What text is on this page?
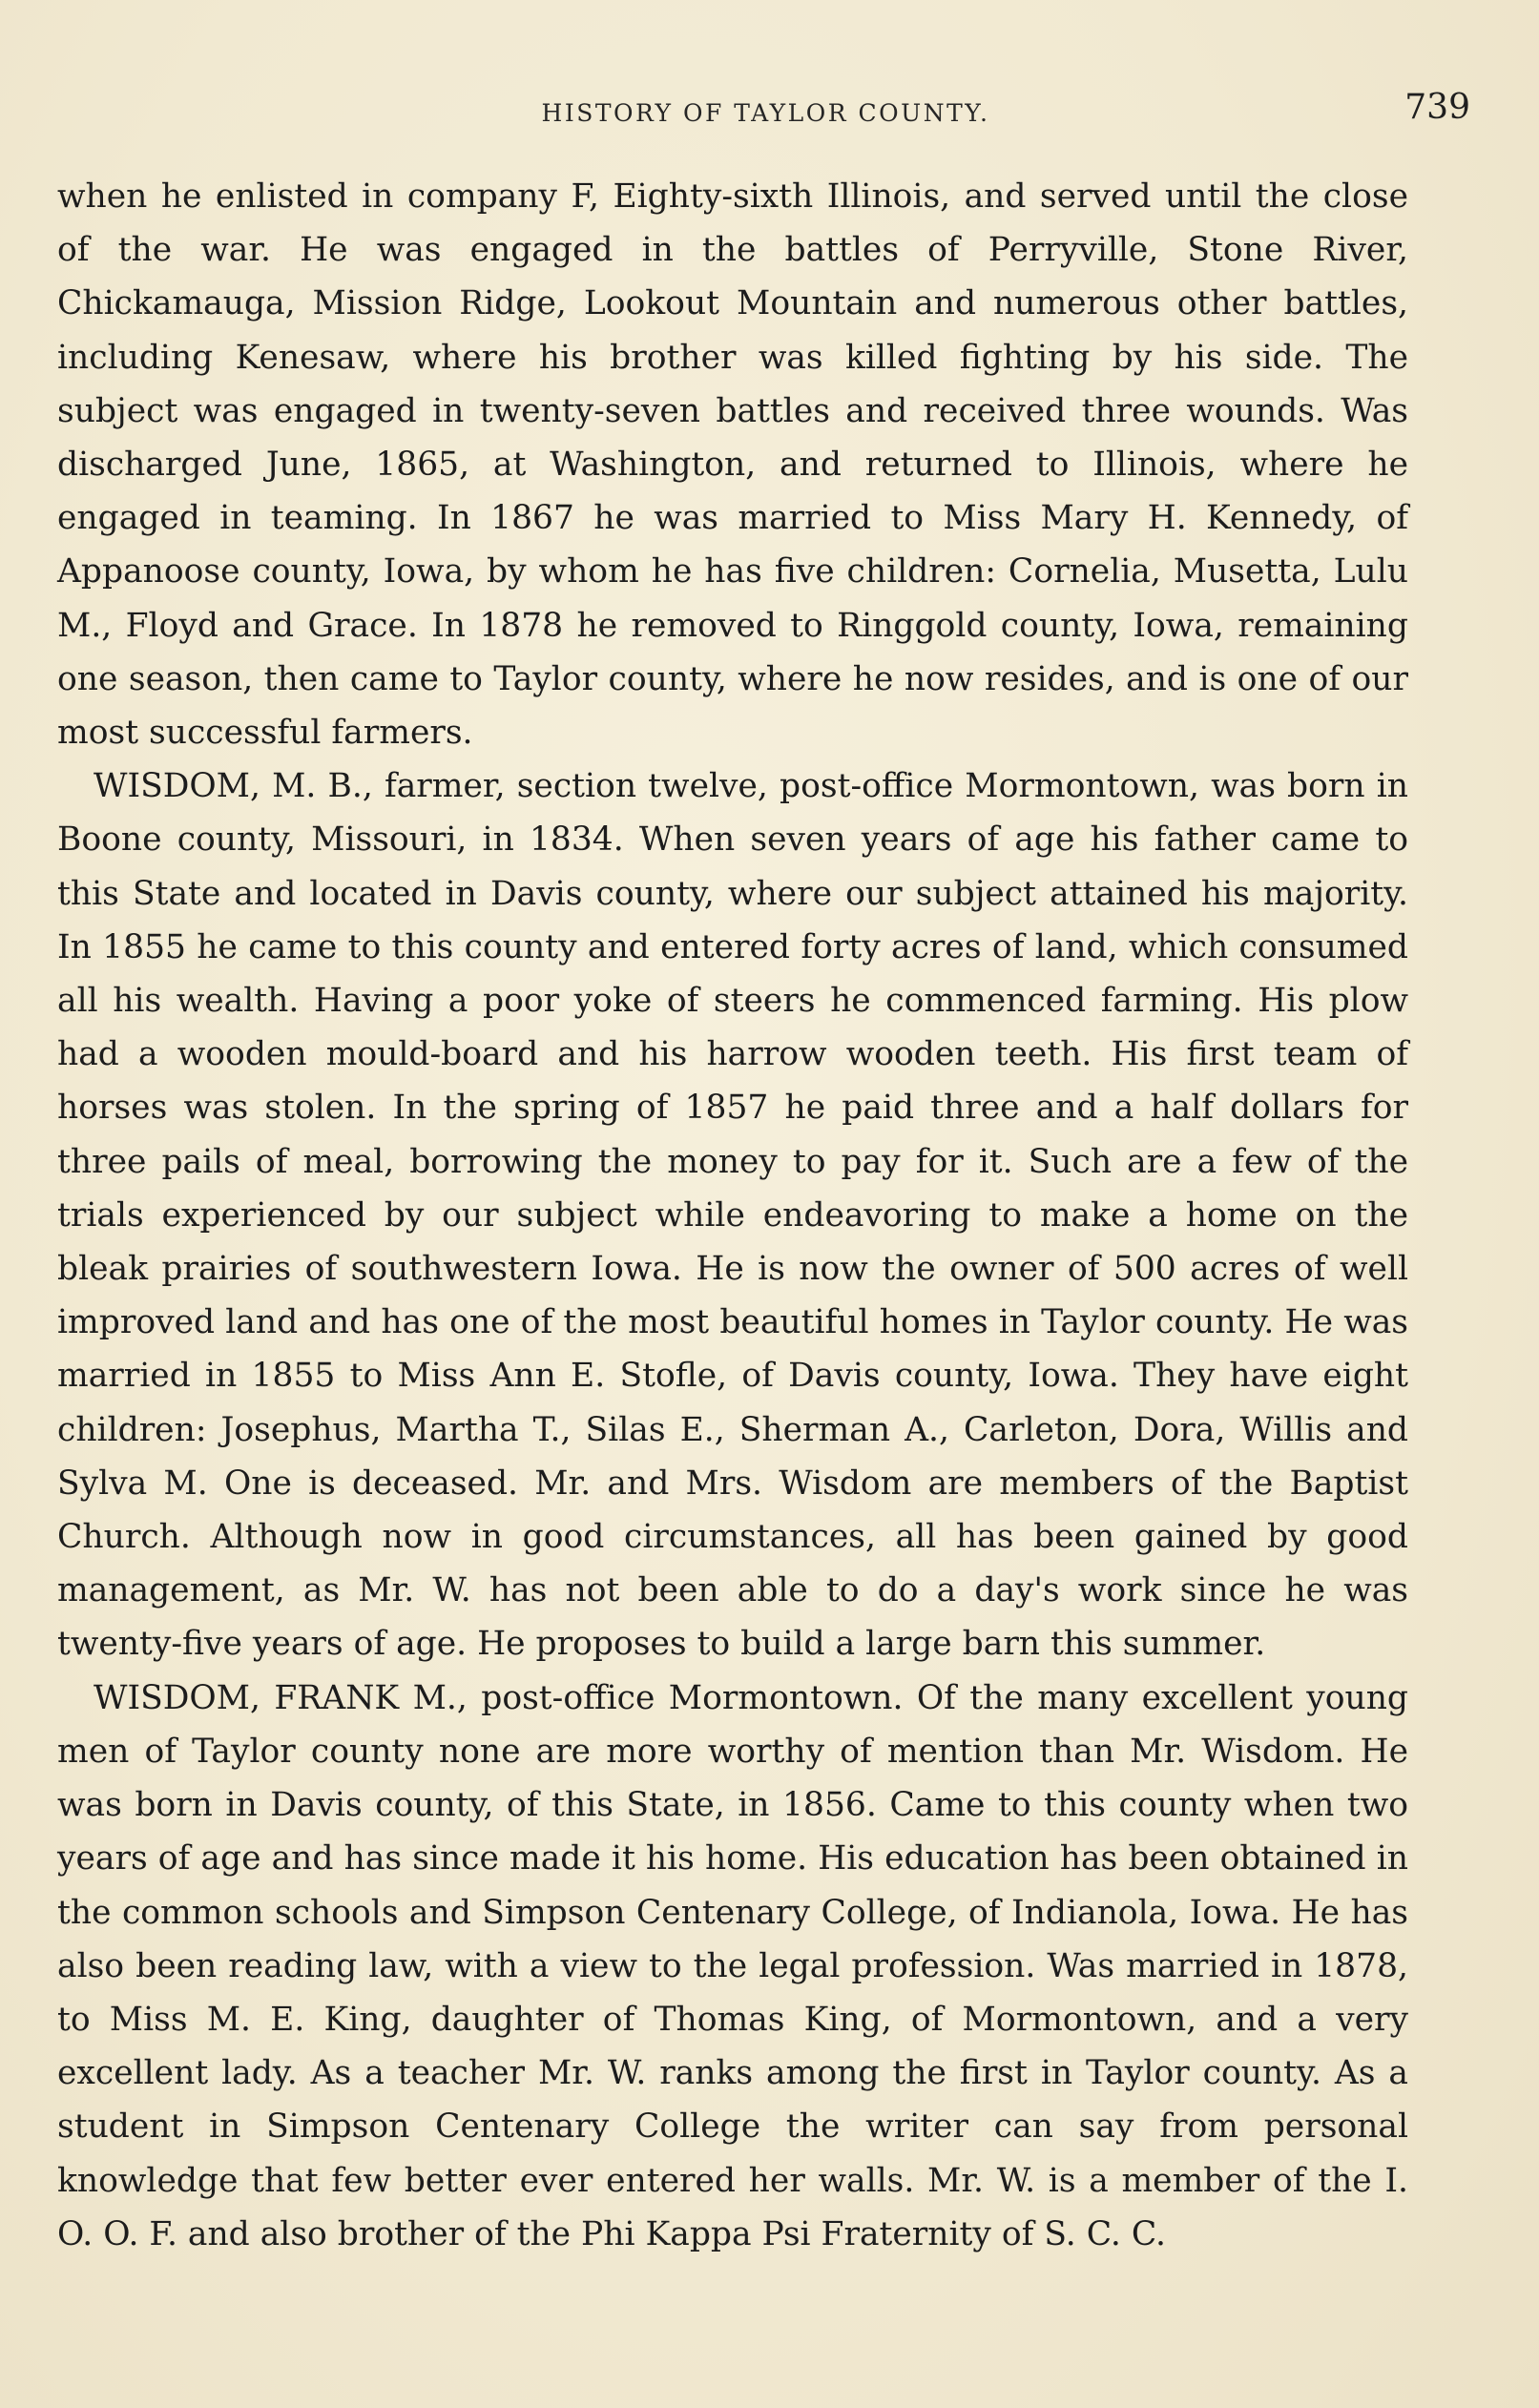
HISTORY OF TAYLOR COUNTY.	739

when he enlisted in company F, Eighty-sixth Illinois, and served until the close of the war. He was engaged in the battles of Perryville, Stone River, Chickamauga, Mission Ridge, Lookout Mountain and numerous other battles, including Kenesaw, where his brother was killed fighting by his side. The subject was engaged in twenty-seven battles and received three wounds. Was discharged June, 1865, at Washington, and returned to Illinois, where he engaged in teaming. In 1867 he was married to Miss Mary H. Kennedy, of Appanoose county, Iowa, by whom he has five children: Cornelia, Musetta, Lulu M., Floyd and Grace. In 1878 he removed to Ringgold county, Iowa, remaining one season, then came to Taylor county, where he now resides, and is one of our most successful farmers.

WISDOM, M. B., farmer, section twelve, post-office Mormontown, was born in Boone county, Missouri, in 1834. When seven years of age his father came to this State and located in Davis county, where our subject attained his majority. In 1855 he came to this county and entered forty acres of land, which consumed all his wealth. Having a poor yoke of steers he commenced farming. His plow had a wooden mould-board and his harrow wooden teeth. His first team of horses was stolen. In the spring of 1857 he paid three and a half dollars for three pails of meal, borrowing the money to pay for it. Such are a few of the trials experienced by our subject while endeavoring to make a home on the bleak prairies of southwestern Iowa. He is now the owner of 500 acres of well improved land and has one of the most beautiful homes in Taylor county. He was married in 1855 to Miss Ann E. Stofle, of Davis county, Iowa. They have eight children: Josephus, Martha T., Silas E., Sherman A., Carleton, Dora, Willis and Sylva M. One is deceased. Mr. and Mrs. Wisdom are members of the Baptist Church. Although now in good circumstances, all has been gained by good management, as Mr. W. has not been able to do a day's work since he was twenty-five years of age. He proposes to build a large barn this summer.

WISDOM, FRANK M., post-office Mormontown. Of the many excellent young men of Taylor county none are more worthy of mention than Mr. Wisdom. He was born in Davis county, of this State, in 1856. Came to this county when two years of age and has since made it his home. His education has been obtained in the common schools and Simpson Centenary College, of Indianola, Iowa. He has also been reading law, with a view to the legal profession. Was married in 1878, to Miss M. E. King, daughter of Thomas King, of Mormontown, and a very excellent lady. As a teacher Mr. W. ranks among the first in Taylor county. As a student in Simpson Centenary College the writer can say from personal knowledge that few better ever entered her walls. Mr. W. is a member of the I. O. O. F. and also brother of the Phi Kappa Psi Fraternity of S. C. C.
